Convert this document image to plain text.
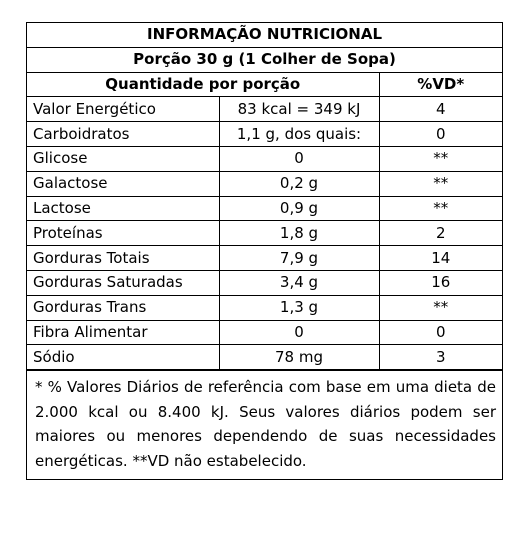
INFORMAÇÃO NUTRICIONAL		
Porção 30 g (1 Colher de Sopa)		
Quantidade por porção		%VD*
Valor Energético	83 kcal = 349 kJ	4
Carboidratos	1,1 g, dos quais:	0
Glicose	0	**
Galactose	0,2 g	**
Lactose	0,9 g	**
Proteínas	1,8 g	2
Gorduras Totais	7,9 g	14
Gorduras Saturadas	3,4 g	16
Gorduras Trans	1,3 g	**
Fibra Alimentar	0	0
Sódio	78 mg	3
* % Valores Diários de referência com base em uma dieta de 2.000 kcal ou 8.400 kJ. Seus valores diários podem ser maiores ou menores dependendo de suas necessidades energéticas. **VD não estabelecido.
